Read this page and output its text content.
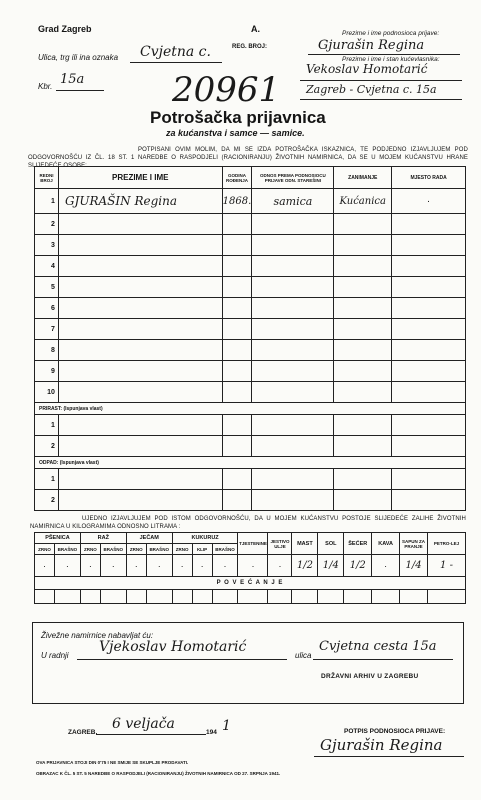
Grad Zagreb	A.
Ulica, trg ili ina oznaka Cvjetna c.	REG. BROJ:
Kbr. 15a	20961
Prezime i ime podnosioca prijave:
Gjurašin Regina
Prezime i ime i stan kućevlasnika:
Vekoslav Homotarić
Zagreb - Cvjetna c. 15a
Potrošačka prijavnica
za kućanstva i samce — samice.
POTPISANI OVIM MOLIM, DA MI SE IZDA POTROŠAČKA ISKAZNICA, TE PODJEDNO IZJAVLJUJEM POD ODGOVORNOŠĆU IZ ČL. 18 ST. 1 NAREDBE O RASPODJELI (RACIONIRANJU) ŽIVOTNIH NAMIRNICA, DA SE U MOJEM KUĆANSTVU HRANE SLIJEDEĆE OSOBE:
REDNI BROJ	PREZIME I IME	GODINA ROĐENJA	ODNOS PREMA PODNOSIOCU PRIJAVE ODN. STAREŠINI	ZANIMANJE	MJESTO RADA
1	GJURAŠIN Regina	1868.	samica	Kućanica	·
2					
3					
4					
5					
6					
7					
8					
9					
10					
PRIRAST: (Ispunjava vlast)					
1					
2					
ODPAD: (Ispunjava vlast)					
1					
2					
UJEDNO IZJAVLJUJEM POD ISTOM ODGOVORNOŠĆU, DA U MOJEM KUĆANSTVU POSTOJE SLIJEDEĆE ZALIHE ŽIVOTNIH NAMIRNICA U KILOGRAMIMA ODNOSNO LITRAMA :
PŠENICA		RAŽ		JEČAM		KUKURUZ			TJESTENINE	JESTIVO ULJE	MAST	SOL	ŠEĆER	KAVA	SAPUN ZA PRANJE	PETRO-LEJ
ZRNO	BRAŠNO	ZRNO	BRAŠNO	ZRNO	BRAŠNO	ZRNO	KLIP	BRAŠNO								
·	·	·	·	·	·	·	·	·	·	·	1/2	1/4	1/2	·	1/4	1 -
P O V E Ć A N J E																

Živežne namirnice nabavljat ću:
U radnji
Vjekoslav Homotarić
ulica
Cvjetna cesta 15a
DRŽAVNI ARHIV U ZAGREBU
ZAGREB,
6 veljača
194 1	POTPIS PODNOSIOCA PRIJAVE:
Gjurašin Regina
OVA PRIJAVNICA STOJI DIN 0'75 I NE SMIJE SE SKUPLJE PRODAVATI.
OBRAZAC K ČL. 5 ST. 5 NAREDBE O RASPODJELI (RACIONIRANJU) ŽIVOTNIH NAMIRNICA OD 27. SRPNJA 1941.
